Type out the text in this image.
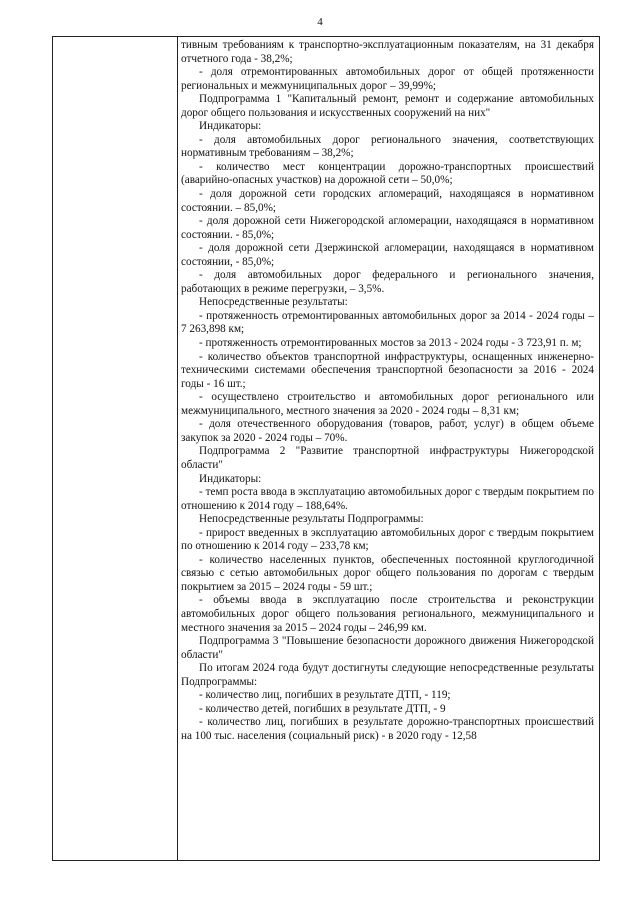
4

тивным требованиям к транспортно-эксплуатационным показателям, на 31 декабря отчетного года - 38,2%;

- доля отремонтированных автомобильных дорог от общей протяженности региональных и межмуниципальных дорог – 39,99%;

Подпрограмма 1 "Капитальный ремонт, ремонт и содержание автомобильных дорог общего пользования и искусственных сооружений на них"

Индикаторы:

- доля автомобильных дорог регионального значения, соответствующих нормативным требованиям – 38,2%;

- количество мест концентрации дорожно-транспортных происшествий (аварийно-опасных участков) на дорожной сети – 50,0%;

- доля дорожной сети городских агломераций, находящаяся в нормативном состоянии. – 85,0%;

- доля дорожной сети Нижегородской агломерации, находящаяся в нормативном состоянии. - 85,0%;

- доля дорожной сети Дзержинской агломерации, находящаяся в нормативном состоянии, - 85,0%;

- доля автомобильных дорог федерального и регионального значения, работающих в режиме перегрузки, – 3,5%.

Непосредственные результаты:

- протяженность отремонтированных автомобильных дорог за 2014 - 2024 годы – 7 263,898 км;

- протяженность отремонтированных мостов за 2013 - 2024 годы - 3 723,91 п. м;

- количество объектов транспортной инфраструктуры, оснащенных инженерно-техническими системами обеспечения транспортной безопасности за 2016 - 2024 годы - 16 шт.;

- осуществлено строительство и автомобильных дорог регионального или межмуниципального, местного значения за 2020 - 2024 годы – 8,31 км;

- доля отечественного оборудования (товаров, работ, услуг) в общем объеме закупок за 2020 - 2024 годы – 70%.

Подпрограмма 2 "Развитие транспортной инфраструктуры Нижегородской области"

Индикаторы:

- темп роста ввода в эксплуатацию автомобильных дорог с твердым покрытием по отношению к 2014 году – 188,64%.

Непосредственные результаты Подпрограммы:

- прирост введенных в эксплуатацию автомобильных дорог с твердым покрытием по отношению к 2014 году – 233,78 км;

- количество населенных пунктов, обеспеченных постоянной круглогодичной связью с сетью автомобильных дорог общего пользования по дорогам с твердым покрытием за 2015 – 2024 годы - 59 шт.;

- объемы ввода в эксплуатацию после строительства и реконструкции автомобильных дорог общего пользования регионального, межмуниципального и местного значения за 2015 – 2024 годы – 246,99 км.

Подпрограмма 3 "Повышение безопасности дорожного движения Нижегородской области"

По итогам 2024 года будут достигнуты следующие непосредственные результаты Подпрограммы:

- количество лиц, погибших в результате ДТП, - 119;

- количество детей, погибших в результате ДТП, - 9

- количество лиц, погибших в результате дорожно-транспортных происшествий на 100 тыс. населения (социальный риск) - в 2020 году - 12,58
